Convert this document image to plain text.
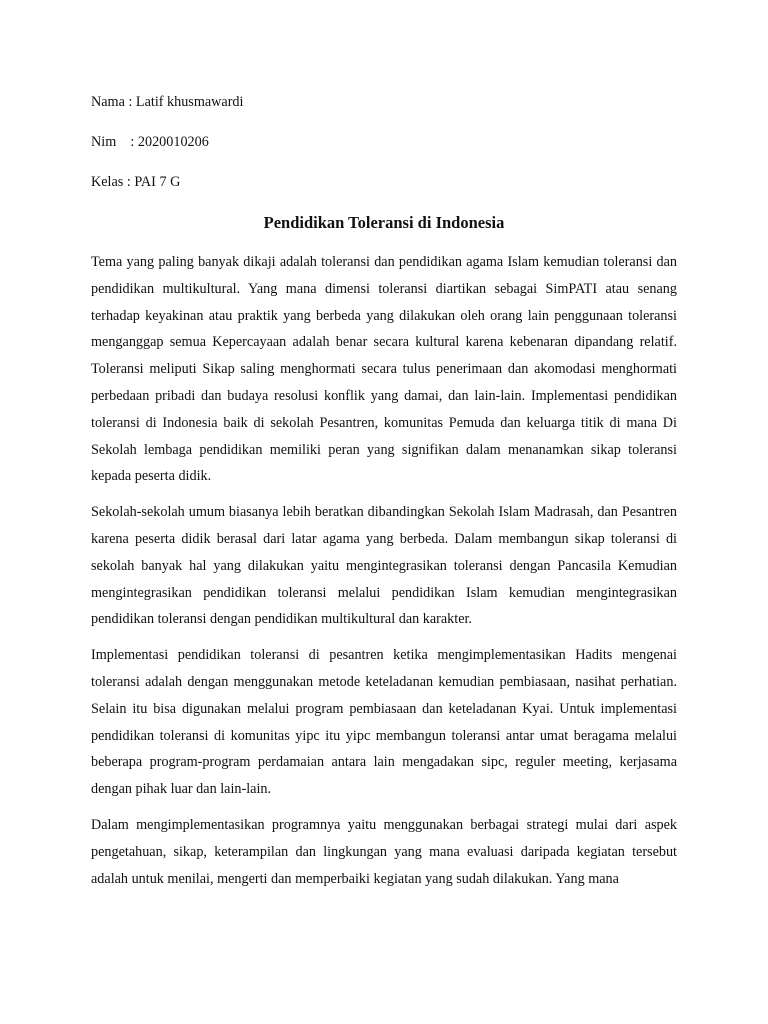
Nama : Latif khusmawardi
Nim    : 2020010206
Kelas : PAI 7 G
Pendidikan Toleransi di Indonesia

Tema yang paling banyak dikaji adalah toleransi dan pendidikan agama Islam kemudian toleransi dan pendidikan multikultural. Yang mana dimensi toleransi diartikan sebagai SimPATI atau senang terhadap keyakinan atau praktik yang berbeda yang dilakukan oleh orang lain penggunaan toleransi menganggap semua Kepercayaan adalah benar secara kultural karena kebenaran dipandang relatif. Toleransi meliputi Sikap saling menghormati secara tulus penerimaan dan akomodasi menghormati perbedaan pribadi dan budaya resolusi konflik yang damai, dan lain-lain. Implementasi pendidikan toleransi di Indonesia baik di sekolah Pesantren, komunitas Pemuda dan keluarga titik di mana Di Sekolah lembaga pendidikan memiliki peran yang signifikan dalam menanamkan sikap toleransi kepada peserta didik.

Sekolah-sekolah umum biasanya lebih beratkan dibandingkan Sekolah Islam Madrasah, dan Pesantren karena peserta didik berasal dari latar agama yang berbeda. Dalam membangun sikap toleransi di sekolah banyak hal yang dilakukan yaitu mengintegrasikan toleransi dengan Pancasila Kemudian mengintegrasikan pendidikan toleransi melalui pendidikan Islam kemudian mengintegrasikan pendidikan toleransi dengan pendidikan multikultural dan karakter.

Implementasi pendidikan toleransi di pesantren ketika mengimplementasikan Hadits mengenai toleransi adalah dengan menggunakan metode keteladanan kemudian pembiasaan, nasihat perhatian. Selain itu bisa digunakan melalui program pembiasaan dan keteladanan Kyai. Untuk implementasi pendidikan toleransi di komunitas yipc itu yipc membangun toleransi antar umat beragama melalui beberapa program-program perdamaian antara lain mengadakan sipc, reguler meeting, kerjasama dengan pihak luar dan lain-lain.

Dalam mengimplementasikan programnya yaitu menggunakan berbagai strategi mulai dari aspek pengetahuan, sikap, keterampilan dan lingkungan yang mana evaluasi daripada kegiatan tersebut adalah untuk menilai, mengerti dan memperbaiki kegiatan yang sudah dilakukan. Yang mana
